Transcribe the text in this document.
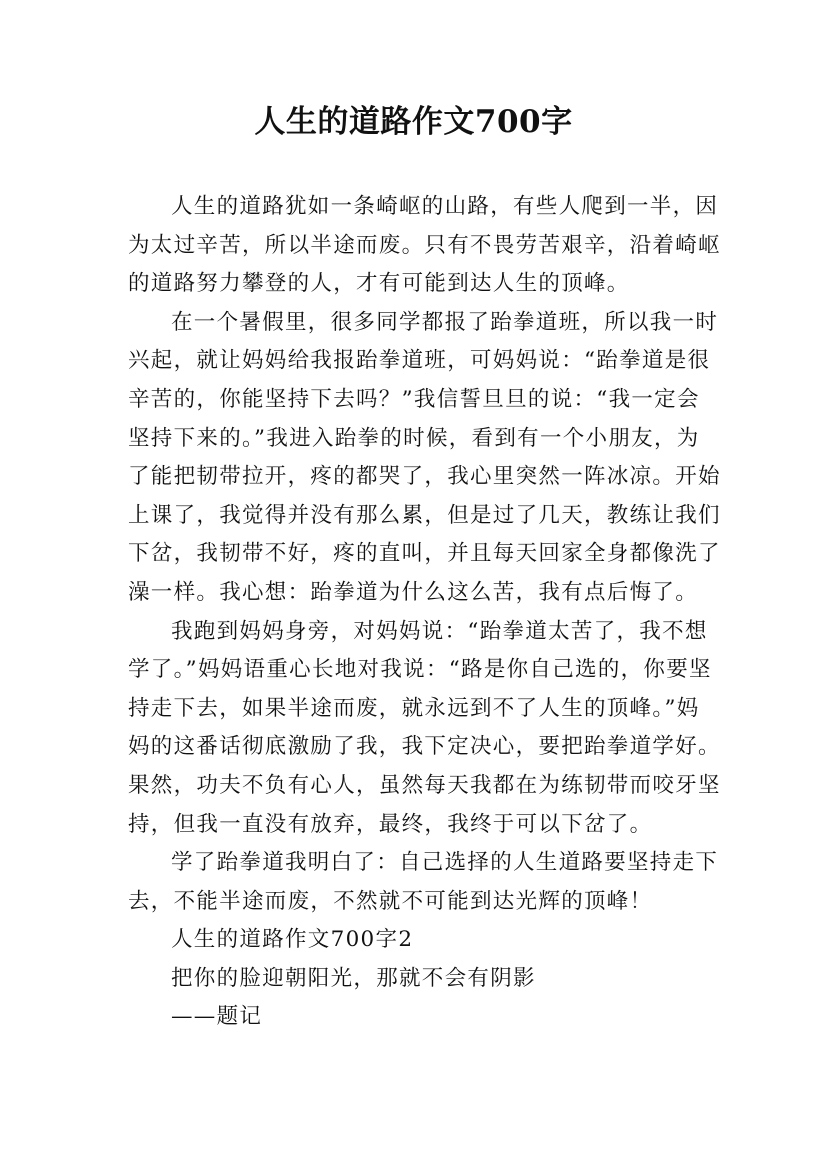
人生的道路作文700字
人生的道路犹如一条崎岖的山路，有些人爬到一半，因
为太过辛苦，所以半途而废。只有不畏劳苦艰辛，沿着崎岖
的道路努力攀登的人，才有可能到达人生的顶峰。
在一个暑假里，很多同学都报了跆拳道班，所以我一时
兴起，就让妈妈给我报跆拳道班，可妈妈说：“跆拳道是很
辛苦的，你能坚持下去吗？”我信誓旦旦的说：“我一定会
坚持下来的。”我进入跆拳的时候，看到有一个小朋友，为
了能把韧带拉开，疼的都哭了，我心里突然一阵冰凉。开始
上课了，我觉得并没有那么累，但是过了几天，教练让我们
下岔，我韧带不好，疼的直叫，并且每天回家全身都像洗了
澡一样。我心想：跆拳道为什么这么苦，我有点后悔了。
我跑到妈妈身旁，对妈妈说：“跆拳道太苦了，我不想
学了。”妈妈语重心长地对我说：“路是你自己选的，你要坚
持走下去，如果半途而废，就永远到不了人生的顶峰。”妈
妈的这番话彻底激励了我，我下定决心，要把跆拳道学好。
果然，功夫不负有心人，虽然每天我都在为练韧带而咬牙坚
持，但我一直没有放弃，最终，我终于可以下岔了。
学了跆拳道我明白了：自己选择的人生道路要坚持走下
去，不能半途而废，不然就不可能到达光辉的顶峰！
人生的道路作文700字2
把你的脸迎朝阳光，那就不会有阴影
——题记
